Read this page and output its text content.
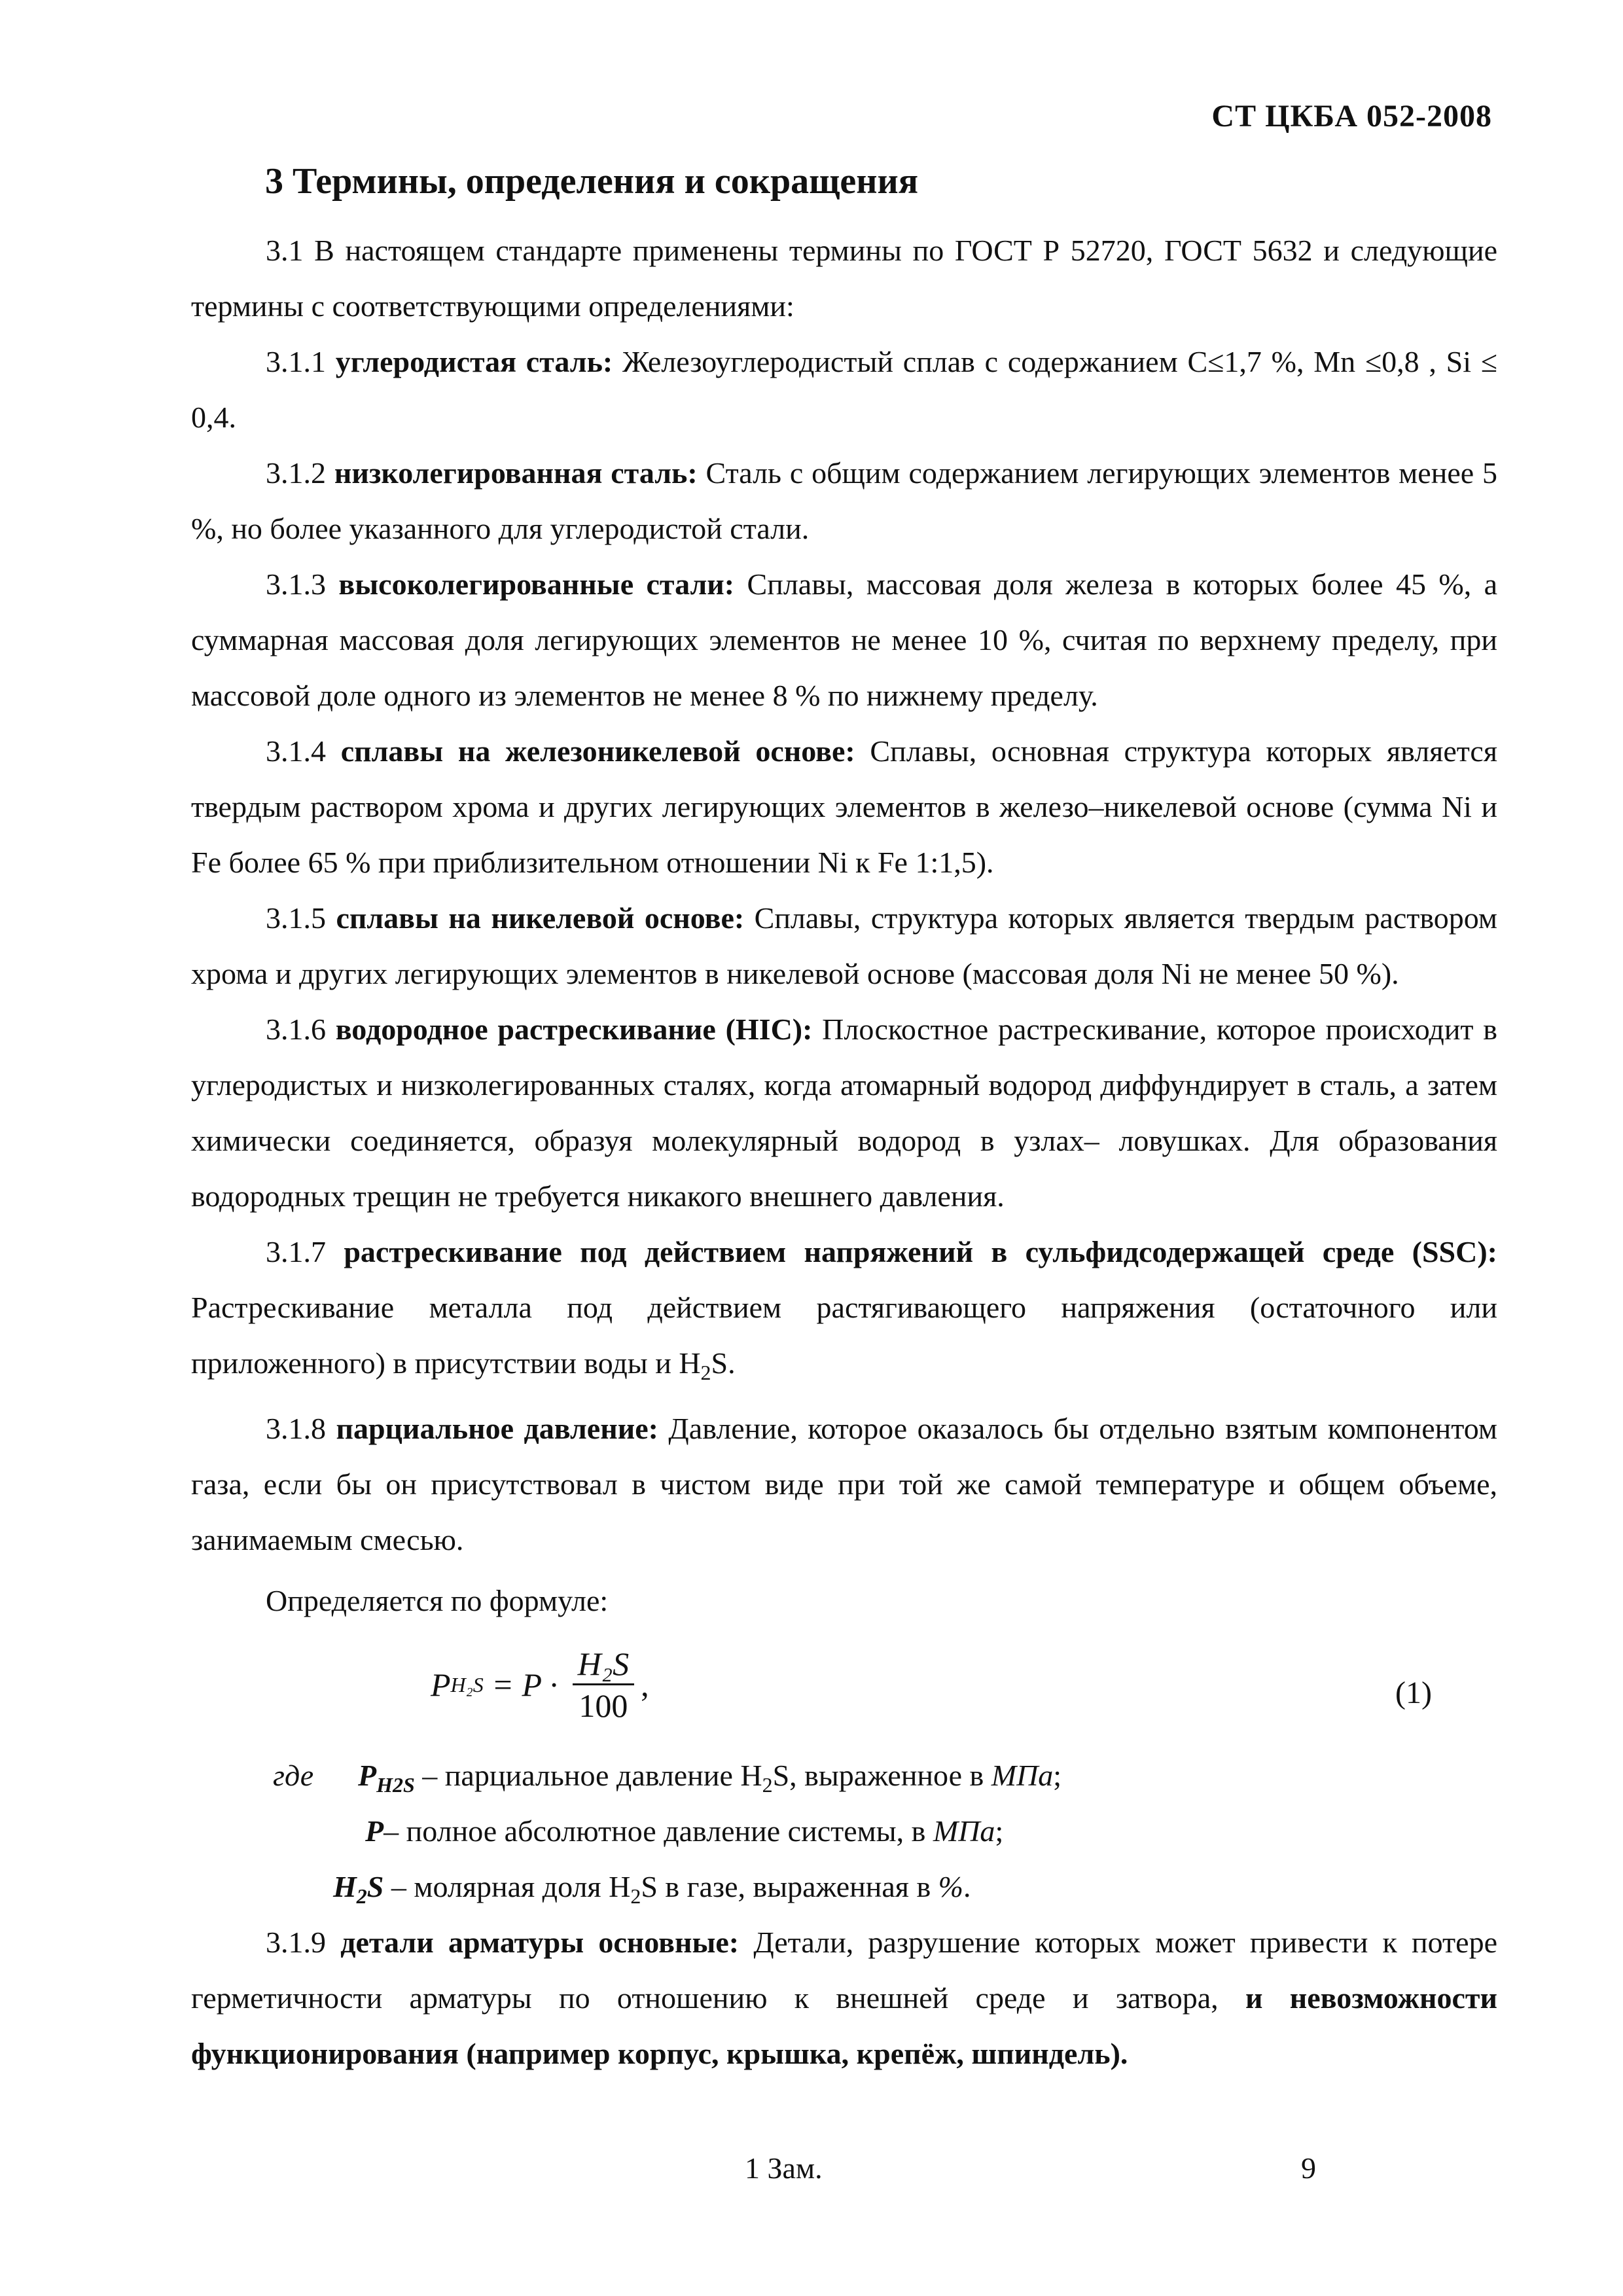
СТ ЦКБА 052-2008
3 Термины, определения и сокращения

3.1 В настоящем стандарте применены термины по ГОСТ Р 52720, ГОСТ 5632 и следующие термины с соответствующими определениями:

3.1.1 углеродистая сталь: Железоуглеродистый сплав с содержанием С≤1,7 %, Mn ≤0,8 , Si ≤ 0,4.

3.1.2 низколегированная сталь: Сталь с общим содержанием легирующих элементов менее 5 %, но более указанного для углеродистой стали.

3.1.3 высоколегированные стали: Сплавы, массовая доля железа в которых более 45 %, а суммарная массовая доля легирующих элементов не менее 10 %, считая по верхнему пределу, при массовой доле одного из элементов не менее 8 % по нижнему пределу.

3.1.4 сплавы на железоникелевой основе: Сплавы, основная структура которых является твердым раствором хрома и других легирующих элементов в железо–никелевой основе (сумма Ni и Fe более 65 % при приблизительном отношении Ni к Fe 1:1,5).

3.1.5 сплавы на никелевой основе: Сплавы, структура которых является твердым раствором хрома и других легирующих элементов в никелевой основе (массовая доля Ni не менее 50 %).

3.1.6 водородное растрескивание (HIC): Плоскостное растрескивание, которое происходит в углеродистых и низколегированных сталях, когда атомарный водород диффундирует в сталь, а затем химически соединяется, образуя молекулярный водород в узлах– ловушках. Для образования водородных трещин не требуется никакого внешнего давления.

3.1.7 растрескивание под действием напряжений в сульфидсодержащей среде (SSC): Растрескивание металла под действием растягивающего напряжения (остаточного или приложенного) в присутствии воды и $H_2S$.

3.1.8 парциальное давление: Давление, которое оказалось бы отдельно взятым компонентом газа, если бы он присутствовал в чистом виде при той же самой температуре и общем объеме, занимаемым смесью.

Определяется по формуле:

P $H_2S = P \cdot \frac{\text{H₂S}}{100}$ ,	(1)
где $P_{H2S}$ – парциальное давление $H_2S$, выраженное в МПа;
P– полное абсолютное давление системы, в МПа;
$H_2S$ – молярная доля $H_2S$ в газе, выраженная в %.

3.1.9 детали арматуры основные: Детали, разрушение которых может привести к потере герметичности арматуры по отношению к внешней среде и затвора, и невозможности функционирования (например корпус, крышка, крепёж, шпиндель).

1 Зам.	9
